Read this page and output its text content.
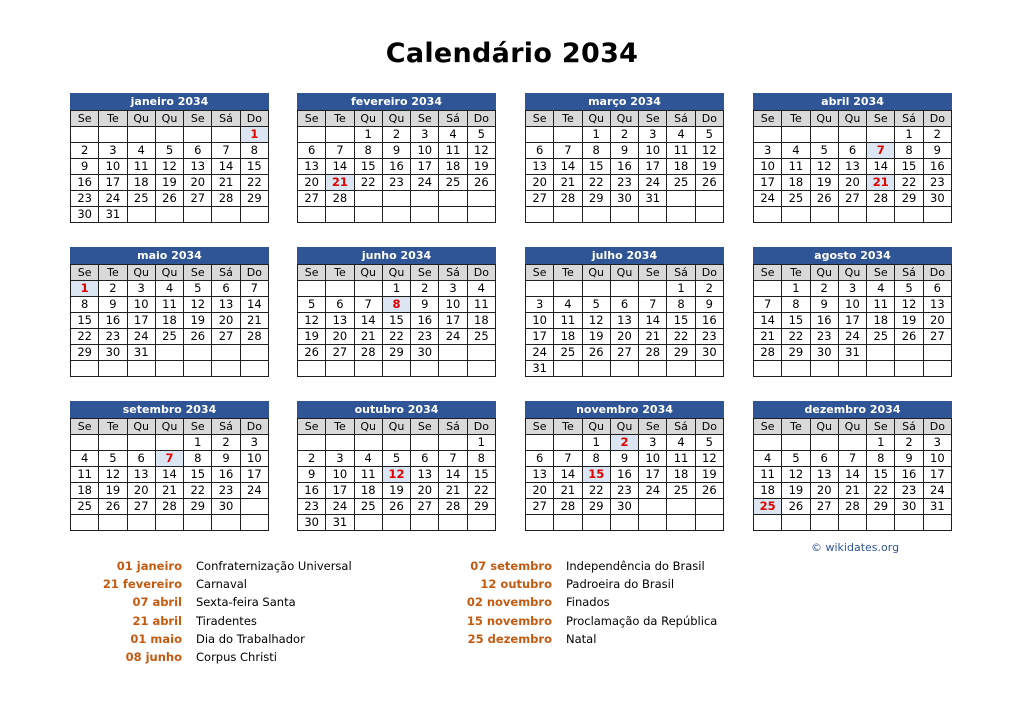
Calendário 2034
janeiro 2034
Se	Te	Qu	Qu	Se	Sá	Do
						1
2	3	4	5	6	7	8
9	10	11	12	13	14	15
16	17	18	19	20	21	22
23	24	25	26	27	28	29
30	31					
fevereiro 2034
Se	Te	Qu	Qu	Se	Sá	Do
		1	2	3	4	5
6	7	8	9	10	11	12
13	14	15	16	17	18	19
20	21	22	23	24	25	26
27	28					

março 2034
Se	Te	Qu	Qu	Se	Sá	Do
		1	2	3	4	5
6	7	8	9	10	11	12
13	14	15	16	17	18	19
20	21	22	23	24	25	26
27	28	29	30	31		

abril 2034
Se	Te	Qu	Qu	Se	Sá	Do
					1	2
3	4	5	6	7	8	9
10	11	12	13	14	15	16
17	18	19	20	21	22	23
24	25	26	27	28	29	30

maio 2034
Se	Te	Qu	Qu	Se	Sá	Do
1	2	3	4	5	6	7
8	9	10	11	12	13	14
15	16	17	18	19	20	21
22	23	24	25	26	27	28
29	30	31				

junho 2034
Se	Te	Qu	Qu	Se	Sá	Do
			1	2	3	4
5	6	7	8	9	10	11
12	13	14	15	16	17	18
19	20	21	22	23	24	25
26	27	28	29	30		

julho 2034
Se	Te	Qu	Qu	Se	Sá	Do
					1	2
3	4	5	6	7	8	9
10	11	12	13	14	15	16
17	18	19	20	21	22	23
24	25	26	27	28	29	30
31						
agosto 2034
Se	Te	Qu	Qu	Se	Sá	Do
	1	2	3	4	5	6
7	8	9	10	11	12	13
14	15	16	17	18	19	20
21	22	23	24	25	26	27
28	29	30	31			

setembro 2034
Se	Te	Qu	Qu	Se	Sá	Do
				1	2	3
4	5	6	7	8	9	10
11	12	13	14	15	16	17
18	19	20	21	22	23	24
25	26	27	28	29	30	

outubro 2034
Se	Te	Qu	Qu	Se	Sá	Do
						1
2	3	4	5	6	7	8
9	10	11	12	13	14	15
16	17	18	19	20	21	22
23	24	25	26	27	28	29
30	31					
novembro 2034
Se	Te	Qu	Qu	Se	Sá	Do
		1	2	3	4	5
6	7	8	9	10	11	12
13	14	15	16	17	18	19
20	21	22	23	24	25	26
27	28	29	30			

dezembro 2034
Se	Te	Qu	Qu	Se	Sá	Do
				1	2	3
4	5	6	7	8	9	10
11	12	13	14	15	16	17
18	19	20	21	22	23	24
25	26	27	28	29	30	31

© wikidates.org
01 janeiro Confraternização Universal
21 fevereiro Carnaval
07 abril Sexta-feira Santa
21 abril Tiradentes
01 maio Dia do Trabalhador
08 junho Corpus Christi
07 setembro Independência do Brasil
12 outubro Padroeira do Brasil
02 novembro Finados
15 novembro Proclamação da República
25 dezembro Natal
